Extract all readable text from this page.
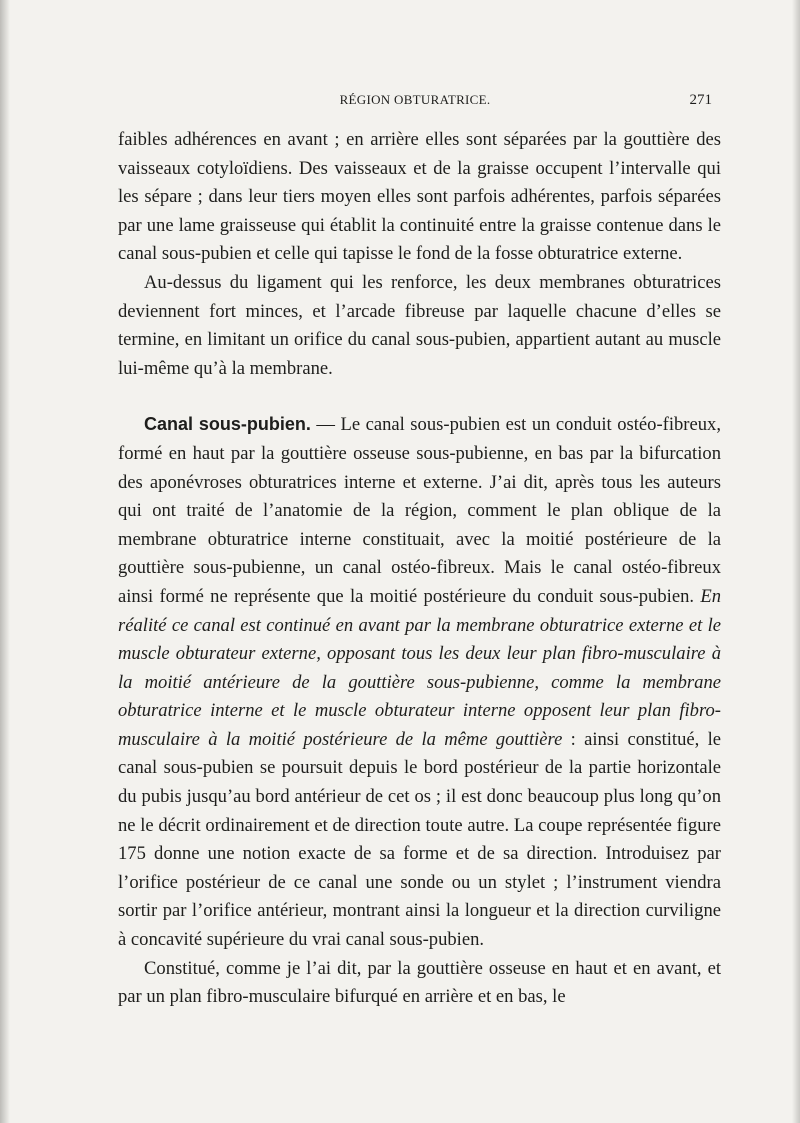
RÉGION OBTURATRICE.	271

faibles adhérences en avant ; en arrière elles sont séparées par la gouttière des vaisseaux cotyloïdiens. Des vaisseaux et de la graisse occupent l’intervalle qui les sépare ; dans leur tiers moyen elles sont parfois adhérentes, parfois séparées par une lame graisseuse qui établit la continuité entre la graisse contenue dans le canal sous-pubien et celle qui tapisse le fond de la fosse obturatrice externe.

Au-dessus du ligament qui les renforce, les deux membranes obturatrices deviennent fort minces, et l’arcade fibreuse par laquelle chacune d’elles se termine, en limitant un orifice du canal sous-pubien, appartient autant au muscle lui-même qu’à la membrane.

Canal sous-pubien. — Le canal sous-pubien est un conduit ostéo-fibreux, formé en haut par la gouttière osseuse sous-pubienne, en bas par la bifurcation des aponévroses obturatrices interne et externe. J’ai dit, après tous les auteurs qui ont traité de l’anatomie de la région, comment le plan oblique de la membrane obturatrice interne constituait, avec la moitié postérieure de la gouttière sous-pubienne, un canal ostéo-fibreux. Mais le canal ostéo-fibreux ainsi formé ne représente que la moitié postérieure du conduit sous-pubien. En réalité ce canal est continué en avant par la membrane obturatrice externe et le muscle obturateur externe, opposant tous les deux leur plan fibro-musculaire à la moitié antérieure de la gouttière sous-pubienne, comme la membrane obturatrice interne et le muscle obturateur interne opposent leur plan fibro-musculaire à la moitié postérieure de la même gouttière : ainsi constitué, le canal sous-pubien se poursuit depuis le bord postérieur de la partie horizontale du pubis jusqu’au bord antérieur de cet os ; il est donc beaucoup plus long qu’on ne le décrit ordinairement et de direction toute autre. La coupe représentée figure 175 donne une notion exacte de sa forme et de sa direction. Introduisez par l’orifice postérieur de ce canal une sonde ou un stylet ; l’instrument viendra sortir par l’orifice antérieur, montrant ainsi la longueur et la direction curviligne à concavité supérieure du vrai canal sous-pubien.

Constitué, comme je l’ai dit, par la gouttière osseuse en haut et en avant, et par un plan fibro-musculaire bifurqué en arrière et en bas, le
